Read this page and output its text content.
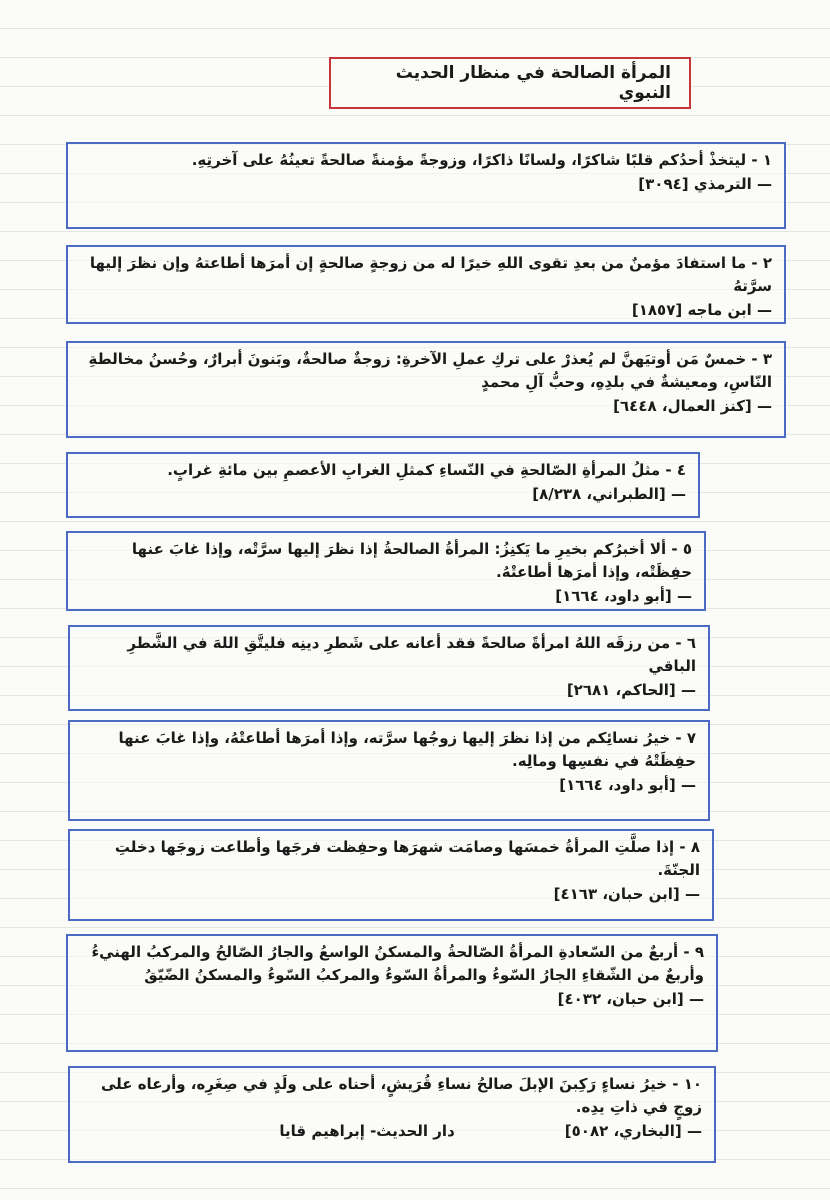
المرأة الصالحة في منظار الحديث النبوي
١ - ليتخذْ أحدُكم قلبًا شاكرًا، ولسانًا ذاكرًا، وزوجةً مؤمنةً صالحةً تعينُهُ على آخرتِهِ.
— الترمذي [٣٠٩٤]
٢ - ما استفادَ مؤمنٌ من بعدِ تقوى اللهِ خيرًا له من زوجةٍ صالحةٍ إن أمرَها أطاعتهُ وإن نظرَ إليها سرَّتهُ
— ابن ماجه [١٨٥٧]
٣ - خمسٌ مَن أوتيَهنَّ لم يُعذرْ على تركِ عملِ الآخرةِ: زوجةٌ صالحةٌ، وبَنونَ أبرارٌ، وحُسنُ مخالطةِ النّاسِ، ومعيشةٌ في بلدِهِ، وحبُّ آلِ محمدٍ
— [كنز العمال، ٦٤٤٨]
٤ - مثلُ المرأةِ الصّالحةِ في النّساءِ كمثلِ الغرابِ الأعصمِ بين مائةِ غرابٍ.
— [الطبراني، ٨/٢٣٨]
٥ - ألا أخبرُكم بخيرِ ما يَكنِزُ: المرأةُ الصالحةُ إذا نظرَ إليها سرَّتْه، وإذا غابَ عنها حفِظَتْه، وإذا أمرَها أطاعتْهُ.
— [أبو داود، ١٦٦٤]
٦ - من رزقَه اللهُ امرأةً صالحةً فقد أعانه على شَطرِ دينِه فليتَّقِ اللهَ في الشَّطرِ الباقي
— [الحاكم، ٢٦٨١]
٧ - خيرُ نسائِكم من إذا نظرَ إليها زوجُها سرَّته، وإذا أمرَها أطاعتْهُ، وإذا غابَ عنها حفِظَتْهُ في نفسِها ومالِه.
— [أبو داود، ١٦٦٤]
٨ - إذا صلَّتِ المرأةُ خمسَها وصامَت شهرَها وحفِظت فرجَها وأطاعت زوجَها دخلتِ الجنّةَ.
— [ابن حبان، ٤١٦٣]
٩ - أربعٌ من السّعادةِ المرأةُ الصّالحةُ والمسكنُ الواسعُ والجارُ الصّالحُ والمركبُ الهنيءُ وأربعٌ من الشّقاءِ الجارُ السّوءُ والمرأةُ السّوءُ والمركبُ السّوءُ والمسكنُ الضّيّقُ
— [ابن حبان، ٤٠٣٢]
١٠ - خيرُ نساءٍ رَكِبنَ الإبلَ صالحُ نساءِ قُرَيشٍ، أحناه على ولَدٍ في صِغَرِه، وأرعاه على زوجٍ في ذاتِ يدِه.
— [البخاري، ٥٠٨٢]دار الحديث- إبراهيم قايا
